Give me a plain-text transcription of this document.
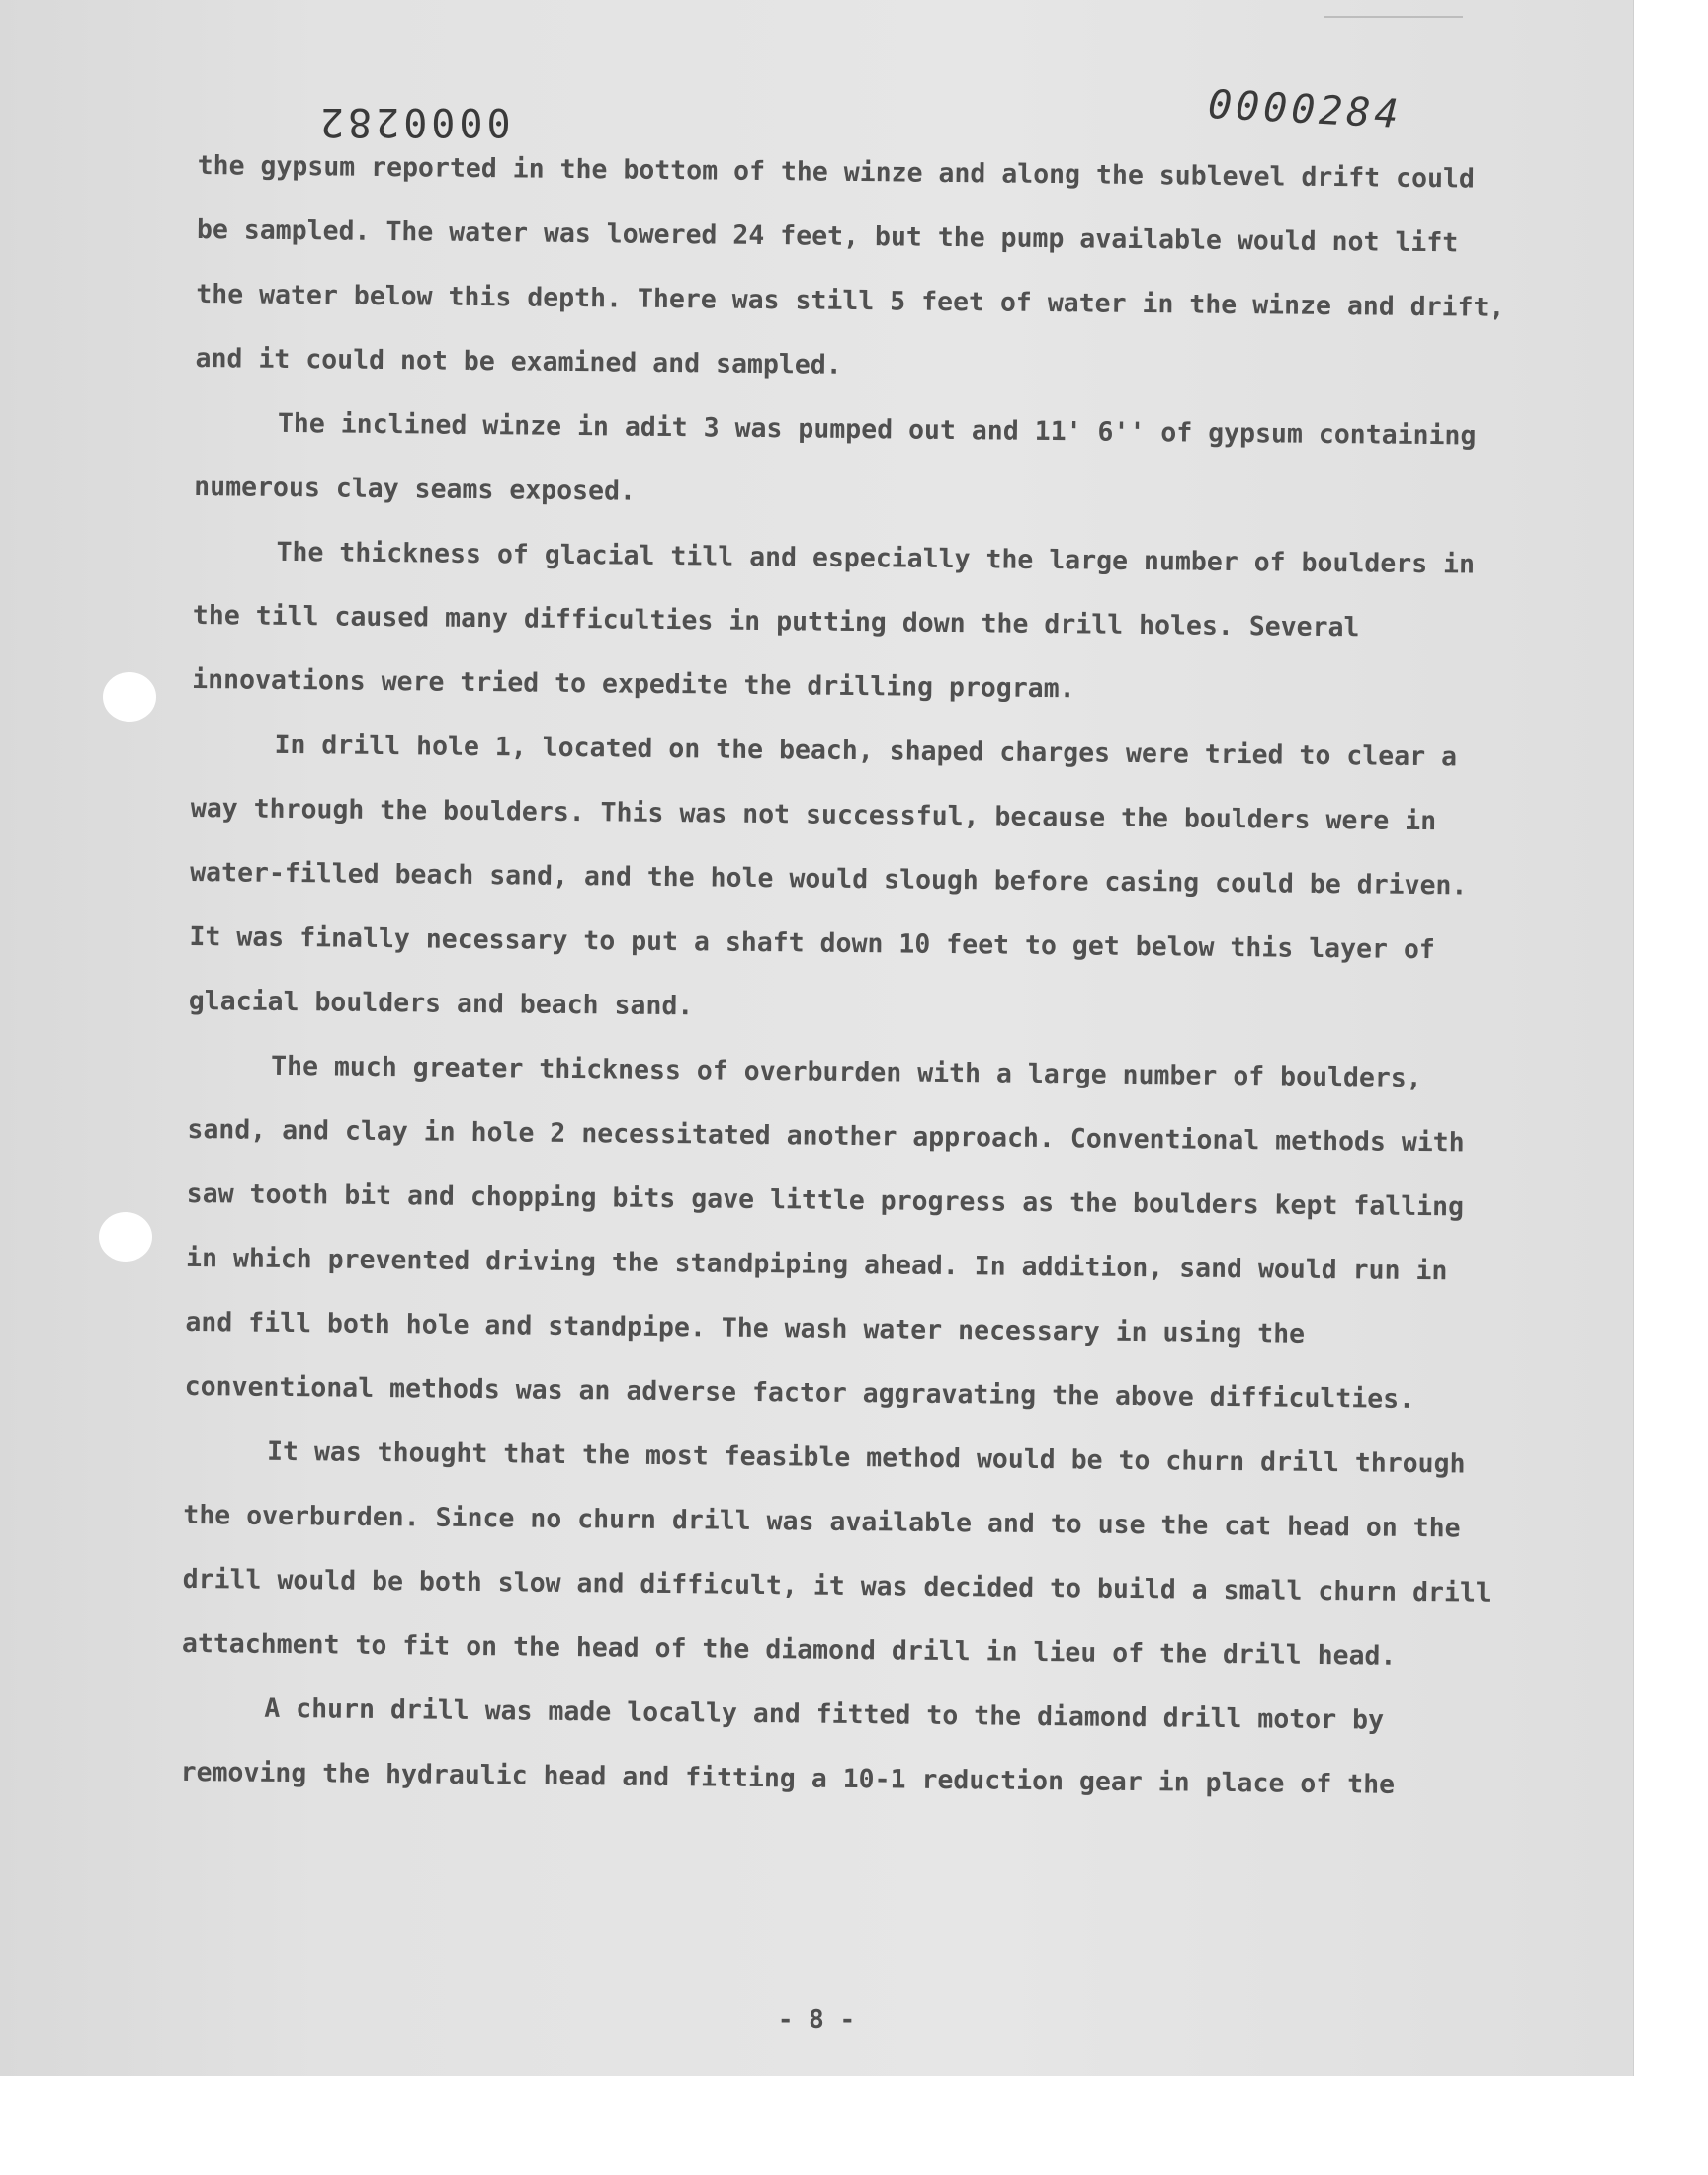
0000282	0000284

the gypsum reported in the bottom of the winze and along the sublevel drift could be sampled. The water was lowered 24 feet, but the pump available would not lift the water below this depth. There was still 5 feet of water in the winze and drift, and it could not be examined and sampled.

The inclined winze in adit 3 was pumped out and 11' 6'' of gypsum containing numerous clay seams exposed.

The thickness of glacial till and especially the large number of boulders in the till caused many difficulties in putting down the drill holes. Several innovations were tried to expedite the drilling program.

In drill hole 1, located on the beach, shaped charges were tried to clear a way through the boulders. This was not successful, because the boulders were in water-filled beach sand, and the hole would slough before casing could be driven. It was finally necessary to put a shaft down 10 feet to get below this layer of glacial boulders and beach sand.

The much greater thickness of overburden with a large number of boulders, sand, and clay in hole 2 necessitated another approach. Conventional methods with saw tooth bit and chopping bits gave little progress as the boulders kept falling in which prevented driving the standpiping ahead. In addition, sand would run in and fill both hole and standpipe. The wash water necessary in using the conventional methods was an adverse factor aggravating the above difficulties.

It was thought that the most feasible method would be to churn drill through the overburden. Since no churn drill was available and to use the cat head on the drill would be both slow and difficult, it was decided to build a small churn drill attachment to fit on the head of the diamond drill in lieu of the drill head.

A churn drill was made locally and fitted to the diamond drill motor by removing the hydraulic head and fitting a 10-1 reduction gear in place of the

- 8 -
